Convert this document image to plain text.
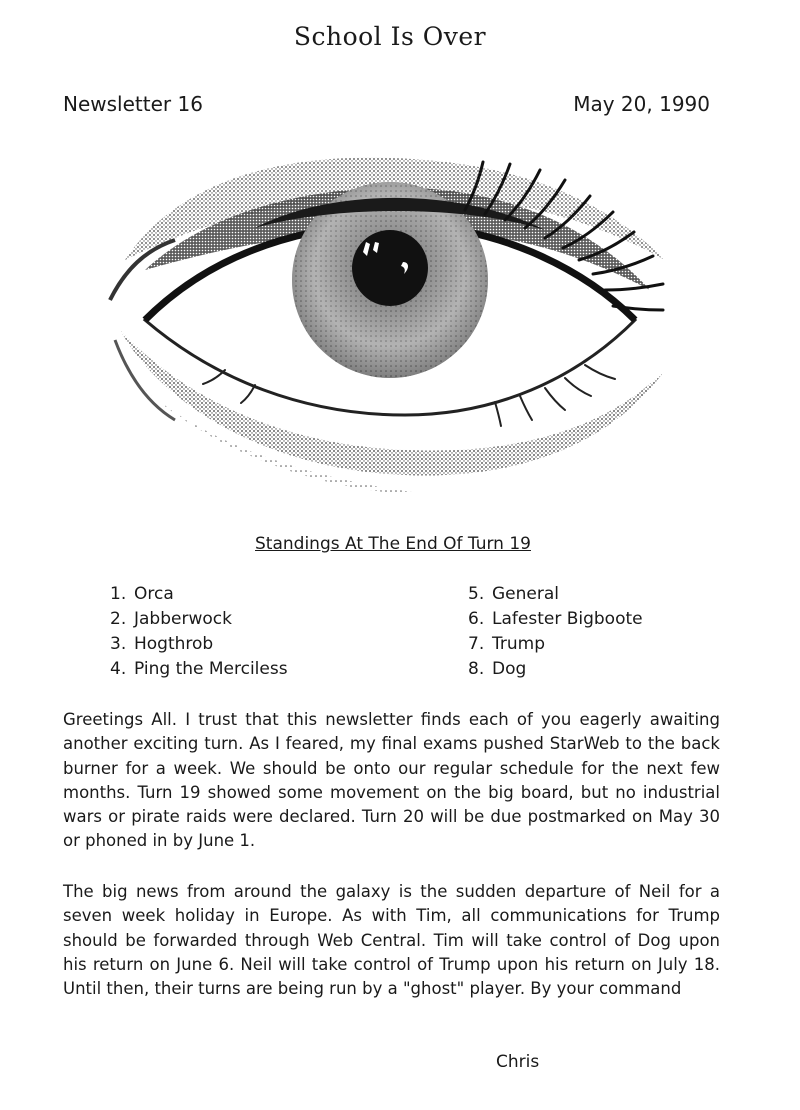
School Is Over
Newsletter 16	May 20, 1990
Standings At The End Of Turn 19
1. Orca
2. Jabberwock
3. Hogthrob
4. Ping the Merciless
5. General
6. Lafester Bigboote
7. Trump
8. Dog

Greetings All. I trust that this newsletter finds each of you eagerly awaiting another exciting turn. As I feared, my final exams pushed StarWeb to the back burner for a week. We should be onto our regular schedule for the next few months. Turn 19 showed some movement on the big board, but no industrial wars or pirate raids were declared. Turn 20 will be due postmarked on May 30 or phoned in by June 1.

The big news from around the galaxy is the sudden departure of Neil for a seven week holiday in Europe. As with Tim, all communications for Trump should be forwarded through Web Central. Tim will take control of Dog upon his return on June 6. Neil will take control of Trump upon his return on July 18. Until then, their turns are being run by a "ghost" player. By your command

Chris
